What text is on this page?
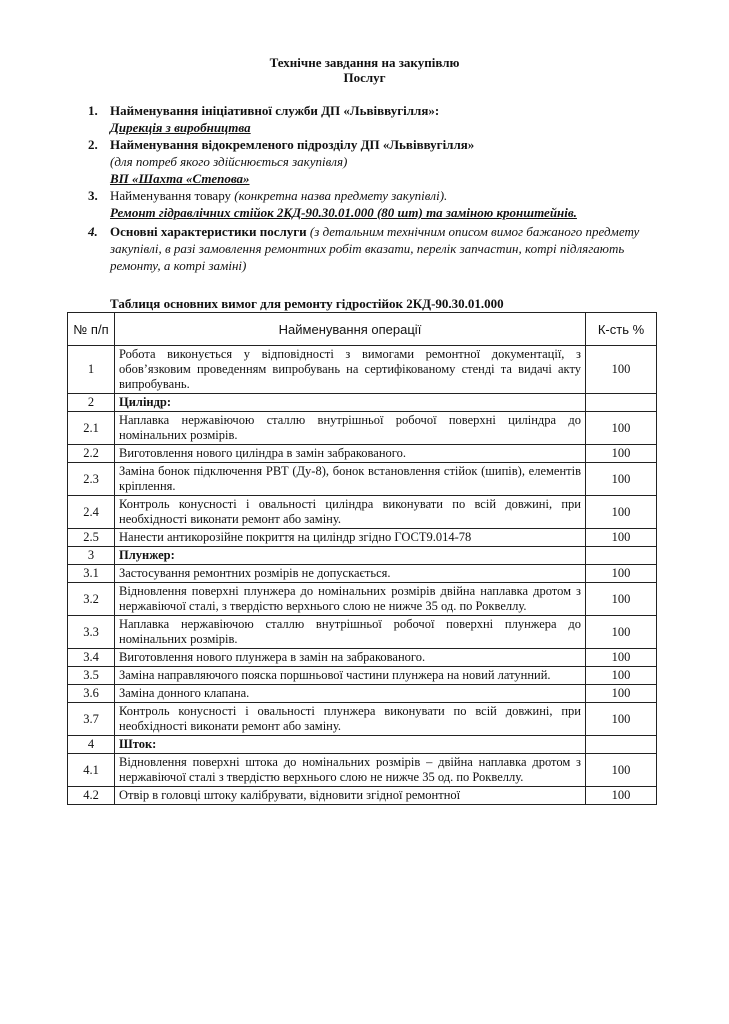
Технічне завдання на закупівлю
Послуг
1. Найменування ініціативної служби ДП «Львіввугілля»:
Дирекція з виробництва
2. Найменування відокремленого підрозділу ДП «Львіввугілля»
(для потреб якого здійснюється закупівля)
ВП «Шахта «Степова»
3. Найменування товару (конкретна назва предмету закупівлі).
Ремонт гідравлічних стійок 2КД-90.30.01.000 (80 шт) та заміною кронштейнів.
4. Основні характеристики послуги (з детальним технічним описом вимог бажаного предмету закупівлі, в разі замовлення ремонтних робіт вказати, перелік запчастин, котрі підлягають ремонту, а котрі заміні)
Таблиця основних вимог для ремонту гідростійок 2КД-90.30.01.000
№ п/п	Найменування операції	К-сть %
1	Робота виконується у відповідності з вимогами ремонтної документації, з обов’язковим проведенням випробувань на сертифікованому стенді та видачі акту випробувань.	100
2	Циліндр:	
2.1	Наплавка нержавіючою сталлю внутрішньої робочої поверхні циліндра до номінальних розмірів.	100
2.2	Виготовлення нового циліндра в замін забракованого.	100
2.3	Заміна бонок підключення РВТ (Ду-8), бонок встановлення стійок (шипів), елементів кріплення.	100
2.4	Контроль конусності і овальності циліндра виконувати по всій довжині, при необхідності виконати ремонт або заміну.	100
2.5	Нанести антикорозійне покриття на циліндр згідно ГОСТ9.014-78	100
3	Плунжер:	
3.1	Застосування ремонтних розмірів не допускається.	100
3.2	Відновлення поверхні плунжера до номінальних розмірів двійна наплавка дротом з нержавіючої сталі, з твердістю верхнього слою не нижче 35 од. по Роквеллу.	100
3.3	Наплавка нержавіючою сталлю внутрішньої робочої поверхні плунжера до номінальних розмірів.	100
3.4	Виготовлення нового плунжера в замін на забракованого.	100
3.5	Заміна направляючого пояска поршньової частини плунжера на новий латунний.	100
3.6	Заміна донного клапана.	100
3.7	Контроль конусності і овальності плунжера виконувати по всій довжині, при необхідності виконати ремонт або заміну.	100
4	Шток:	
4.1	Відновлення поверхні штока до номінальних розмірів – двійна наплавка дротом з нержавіючої сталі з твердістю верхнього слою не нижче 35 од. по Роквеллу.	100
4.2	Отвір в головці штоку калібрувати, відновити згідної ремонтної	100
